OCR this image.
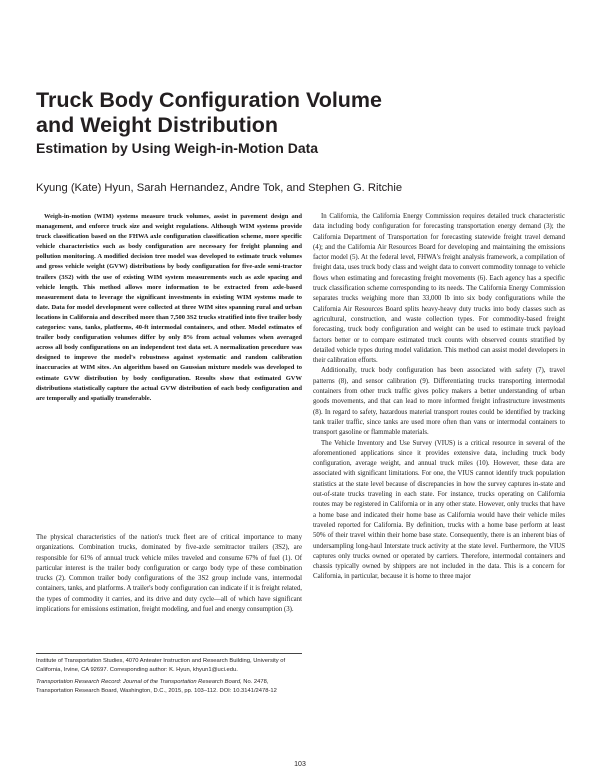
Truck Body Configuration Volume
and Weight Distribution
Estimation by Using Weigh-in-Motion Data

Kyung (Kate) Hyun, Sarah Hernandez, Andre Tok, and Stephen G. Ritchie

Weigh-in-motion (WIM) systems measure truck volumes, assist in pavement design and management, and enforce truck size and weight regulations. Although WIM systems provide truck classification based on the FHWA axle configuration classification scheme, more specific vehicle characteristics such as body configuration are necessary for freight planning and pollution monitoring. A modified decision tree model was developed to estimate truck volumes and gross vehicle weight (GVW) distributions by body configuration for five-axle semi-tractor trailers (3S2) with the use of existing WIM system measurements such as axle spacing and vehicle length. This method allows more information to be extracted from axle-based measurement data to leverage the significant investments in existing WIM systems made to date. Data for model development were collected at three WIM sites spanning rural and urban locations in California and described more than 7,500 3S2 trucks stratified into five trailer body categories: vans, tanks, platforms, 40-ft intermodal containers, and other. Model estimates of trailer body configuration volumes differ by only 8% from actual volumes when averaged across all body configurations on an independent test data set. A normalization procedure was designed to improve the model's robustness against systematic and random calibration inaccuracies at WIM sites. An algorithm based on Gaussian mixture models was developed to estimate GVW distribution by body configuration. Results show that estimated GVW distributions statistically capture the actual GVW distribution of each body configuration and are temporally and spatially transferable.

The physical characteristics of the nation's truck fleet are of critical importance to many organizations. Combination trucks, dominated by five-axle semitractor trailers (3S2), are responsible for 61% of annual truck vehicle miles traveled and consume 67% of fuel (1). Of particular interest is the trailer body configuration or cargo body type of these combination trucks (2). Common trailer body configurations of the 3S2 group include vans, intermodal containers, tanks, and platforms. A trailer's body configuration can indicate if it is freight related, the types of commodity it carries, and its drive and duty cycle—all of which have significant implications for emissions estimation, freight modeling, and fuel and energy consumption (3).

Institute of Transportation Studies, 4070 Anteater Instruction and Research Building, University of California, Irvine, CA 92697. Corresponding author: K. Hyun, khyun1@uci.edu.

Transportation Research Record: Journal of the Transportation Research Board, No. 2478, Transportation Research Board, Washington, D.C., 2015, pp. 103–112. DOI: 10.3141/2478-12

In California, the California Energy Commission requires detailed truck characteristic data including body configuration for forecasting transportation energy demand (3); the California Department of Transportation for forecasting statewide freight travel demand (4); and the California Air Resources Board for developing and maintaining the emissions factor model (5). At the federal level, FHWA's freight analysis framework, a compilation of freight data, uses truck body class and weight data to convert commodity tonnage to vehicle flows when estimating and forecasting freight movements (6). Each agency has a specific truck classification scheme corresponding to its needs. The California Energy Commission separates trucks weighing more than 33,000 lb into six body configurations while the California Air Resources Board splits heavy-heavy duty trucks into body classes such as agricultural, construction, and waste collection types. For commodity-based freight forecasting, truck body configuration and weight can be used to estimate truck payload factors better or to compare estimated truck counts with observed counts stratified by detailed vehicle types during model validation. This method can assist model developers in their calibration efforts.

Additionally, truck body configuration has been associated with safety (7), travel patterns (8), and sensor calibration (9). Differentiating trucks transporting intermodal containers from other truck traffic gives policy makers a better understanding of urban goods movements, and that can lead to more informed freight infrastructure investments (8). In regard to safety, hazardous material transport routes could be identified by tracking tank trailer traffic, since tanks are used more often than vans or intermodal containers to transport gasoline or flammable materials.

The Vehicle Inventory and Use Survey (VIUS) is a critical resource in several of the aforementioned applications since it provides extensive data, including truck body configuration, average weight, and annual truck miles (10). However, these data are associated with significant limitations. For one, the VIUS cannot identify truck population statistics at the state level because of discrepancies in how the survey captures in-state and out-of-state trucks traveling in each state. For instance, trucks operating on California routes may be registered in California or in any other state. However, only trucks that have a home base and indicated their home base as California would have their vehicle miles traveled reported for California. By definition, trucks with a home base perform at least 50% of their travel within their home base state. Consequently, there is an inherent bias of undersampling long-haul Interstate truck activity at the state level. Furthermore, the VIUS captures only trucks owned or operated by carriers. Therefore, intermodal containers and chassis typically owned by shippers are not included in the data. This is a concern for California, in particular, because it is home to three major

103
